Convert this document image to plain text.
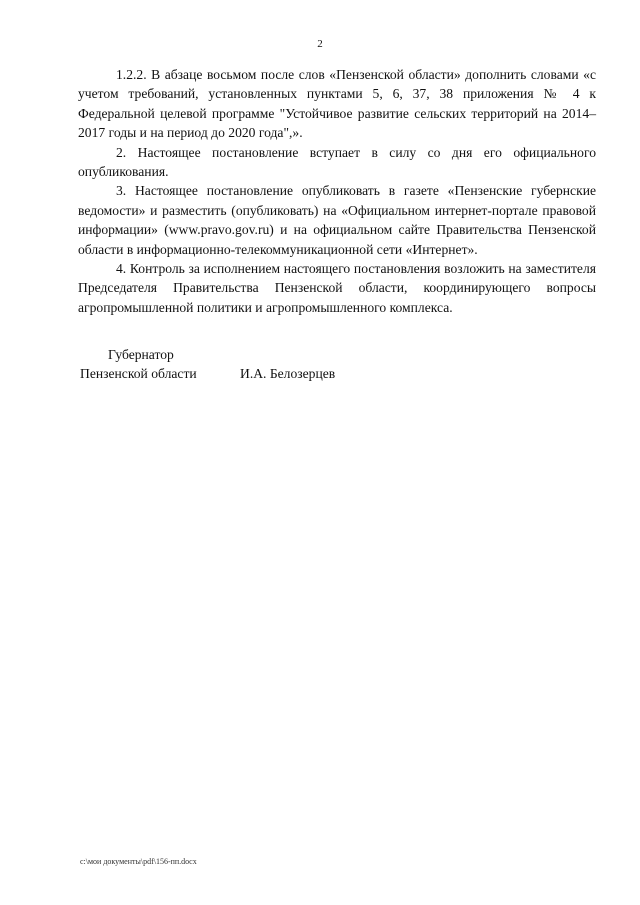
2

1.2.2. В абзаце восьмом после слов «Пензенской области» дополнить словами «с учетом требований, установленных пунктами 5, 6, 37, 38 приложения № 4 к Федеральной целевой программе "Устойчивое развитие сельских территорий на 2014–2017 годы и на период до 2020 года",».

2. Настоящее постановление вступает в силу со дня его официального опубликования.

3. Настоящее постановление опубликовать в газете «Пензенские губернские ведомости» и разместить (опубликовать) на «Официальном интернет-портале правовой информации» (www.pravo.gov.ru) и на официальном сайте Правительства Пензенской области в информационно-телекоммуникационной сети «Интернет».

4. Контроль за исполнением настоящего постановления возложить на заместителя Председателя Правительства Пензенской области, координирующего вопросы агропромышленной политики и агропромышленного комплекса.

Губернатор
Пензенской области	И.А. Белозерцев
c:\мои документы\pdf\156-пп.docx
